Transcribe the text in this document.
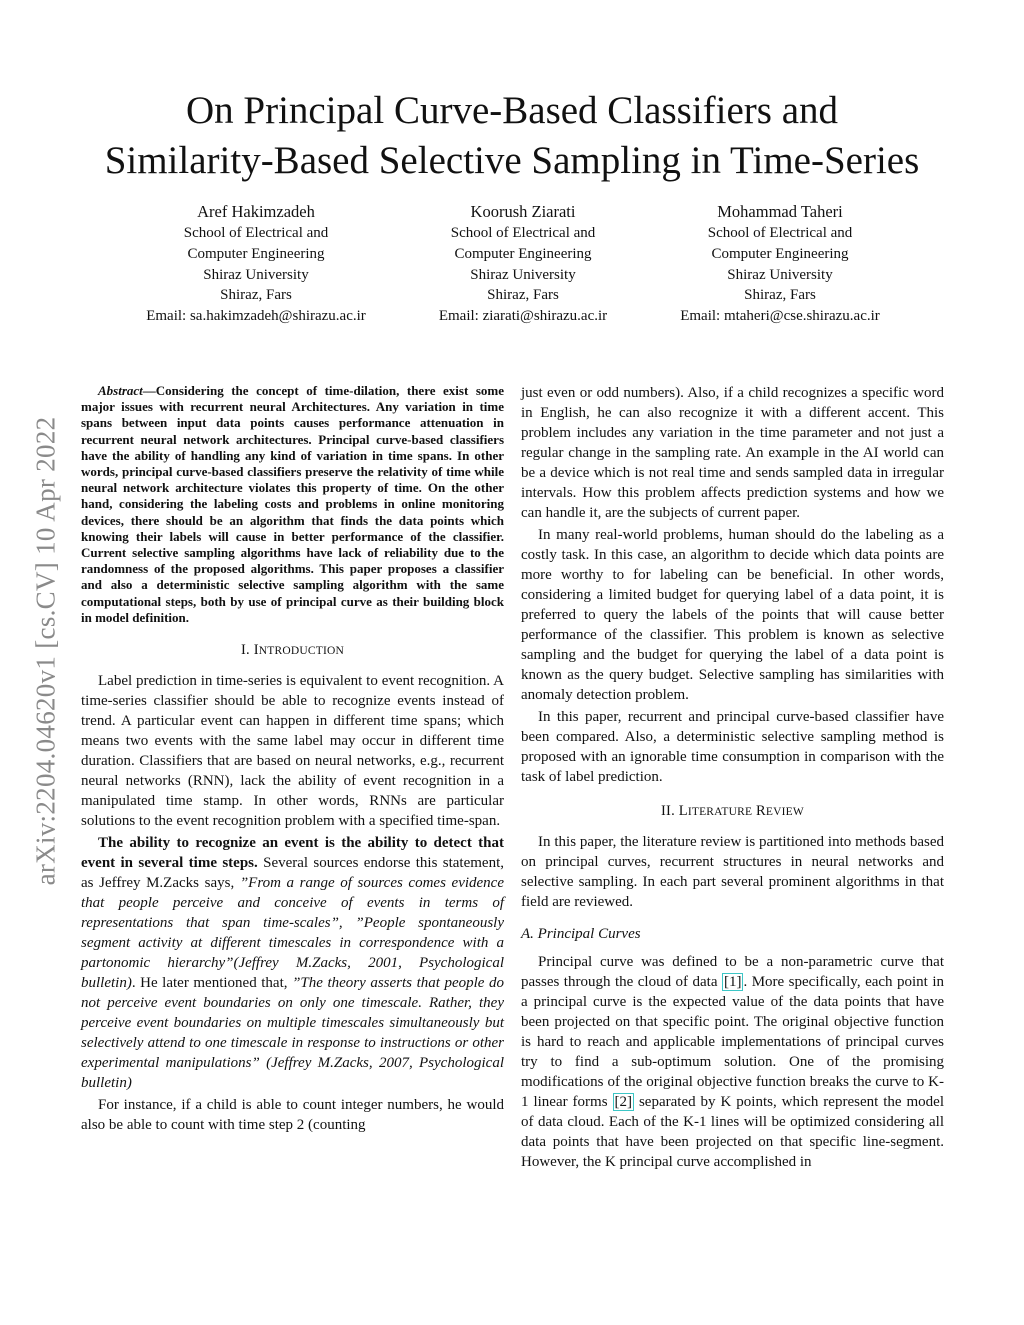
On Principal Curve-Based Classifiers and
Similarity-Based Selective Sampling in Time-Series
Aref Hakimzadeh
School of Electrical and
Computer Engineering
Shiraz University
Shiraz, Fars
Email: sa.hakimzadeh@shirazu.ac.ir
Koorush Ziarati
School of Electrical and
Computer Engineering
Shiraz University
Shiraz, Fars
Email: ziarati@shirazu.ac.ir
Mohammad Taheri
School of Electrical and
Computer Engineering
Shiraz University
Shiraz, Fars
Email: mtaheri@cse.shirazu.ac.ir
arXiv:2204.04620v1 [cs.CV] 10 Apr 2022

Abstract—Considering the concept of time-dilation, there exist some major issues with recurrent neural Architectures. Any variation in time spans between input data points causes performance attenuation in recurrent neural network architectures. Principal curve-based classifiers have the ability of handling any kind of variation in time spans. In other words, principal curve-based classifiers preserve the relativity of time while neural network architecture violates this property of time. On the other hand, considering the labeling costs and problems in online monitoring devices, there should be an algorithm that finds the data points which knowing their labels will cause in better performance of the classifier. Current selective sampling algorithms have lack of reliability due to the randomness of the proposed algorithms. This paper proposes a classifier and also a deterministic selective sampling algorithm with the same computational steps, both by use of principal curve as their building block in model definition.

I. INTRODUCTION

Label prediction in time-series is equivalent to event recognition. A time-series classifier should be able to recognize events instead of trend. A particular event can happen in different time spans; which means two events with the same label may occur in different time duration. Classifiers that are based on neural networks, e.g., recurrent neural networks (RNN), lack the ability of event recognition in a manipulated time stamp. In other words, RNNs are particular solutions to the event recognition problem with a specified time-span.

The ability to recognize an event is the ability to detect that event in several time steps. Several sources endorse this statement, as Jeffrey M.Zacks says, ”From a range of sources comes evidence that people perceive and conceive of events in terms of representations that span time-scales”, ”People spontaneously segment activity at different timescales in correspondence with a partonomic hierarchy”(Jeffrey M.Zacks, 2001, Psychological bulletin). He later mentioned that, ”The theory asserts that people do not perceive event boundaries on only one timescale. Rather, they perceive event boundaries on multiple timescales simultaneously but selectively attend to one timescale in response to instructions or other experimental manipulations” (Jeffrey M.Zacks, 2007, Psychological bulletin)

For instance, if a child is able to count integer numbers, he would also be able to count with time step 2 (counting

just even or odd numbers). Also, if a child recognizes a specific word in English, he can also recognize it with a different accent. This problem includes any variation in the time parameter and not just a regular change in the sampling rate. An example in the AI world can be a device which is not real time and sends sampled data in irregular intervals. How this problem affects prediction systems and how we can handle it, are the subjects of current paper.

In many real-world problems, human should do the labeling as a costly task. In this case, an algorithm to decide which data points are more worthy to for labeling can be beneficial. In other words, considering a limited budget for querying label of a data point, it is preferred to query the labels of the points that will cause better performance of the classifier. This problem is known as selective sampling and the budget for querying the label of a data point is known as the query budget. Selective sampling has similarities with anomaly detection problem.

In this paper, recurrent and principal curve-based classifier have been compared. Also, a deterministic selective sampling method is proposed with an ignorable time consumption in comparison with the task of label prediction.

II. LITERATURE REVIEW

In this paper, the literature review is partitioned into methods based on principal curves, recurrent structures in neural networks and selective sampling. In each part several prominent algorithms in that field are reviewed.

A. Principal Curves

Principal curve was defined to be a non-parametric curve that passes through the cloud of data [1] . More specifically, each point in a principal curve is the expected value of the data points that have been projected on that specific point. The original objective function is hard to reach and applicable implementations of principal curves try to find a sub-optimum solution. One of the promising modifications of the original objective function breaks the curve to K-1 linear forms [2] separated by K points, which represent the model of data cloud. Each of the K-1 lines will be optimized considering all data points that have been projected on that specific line-segment. However, the K principal curve accomplished in
